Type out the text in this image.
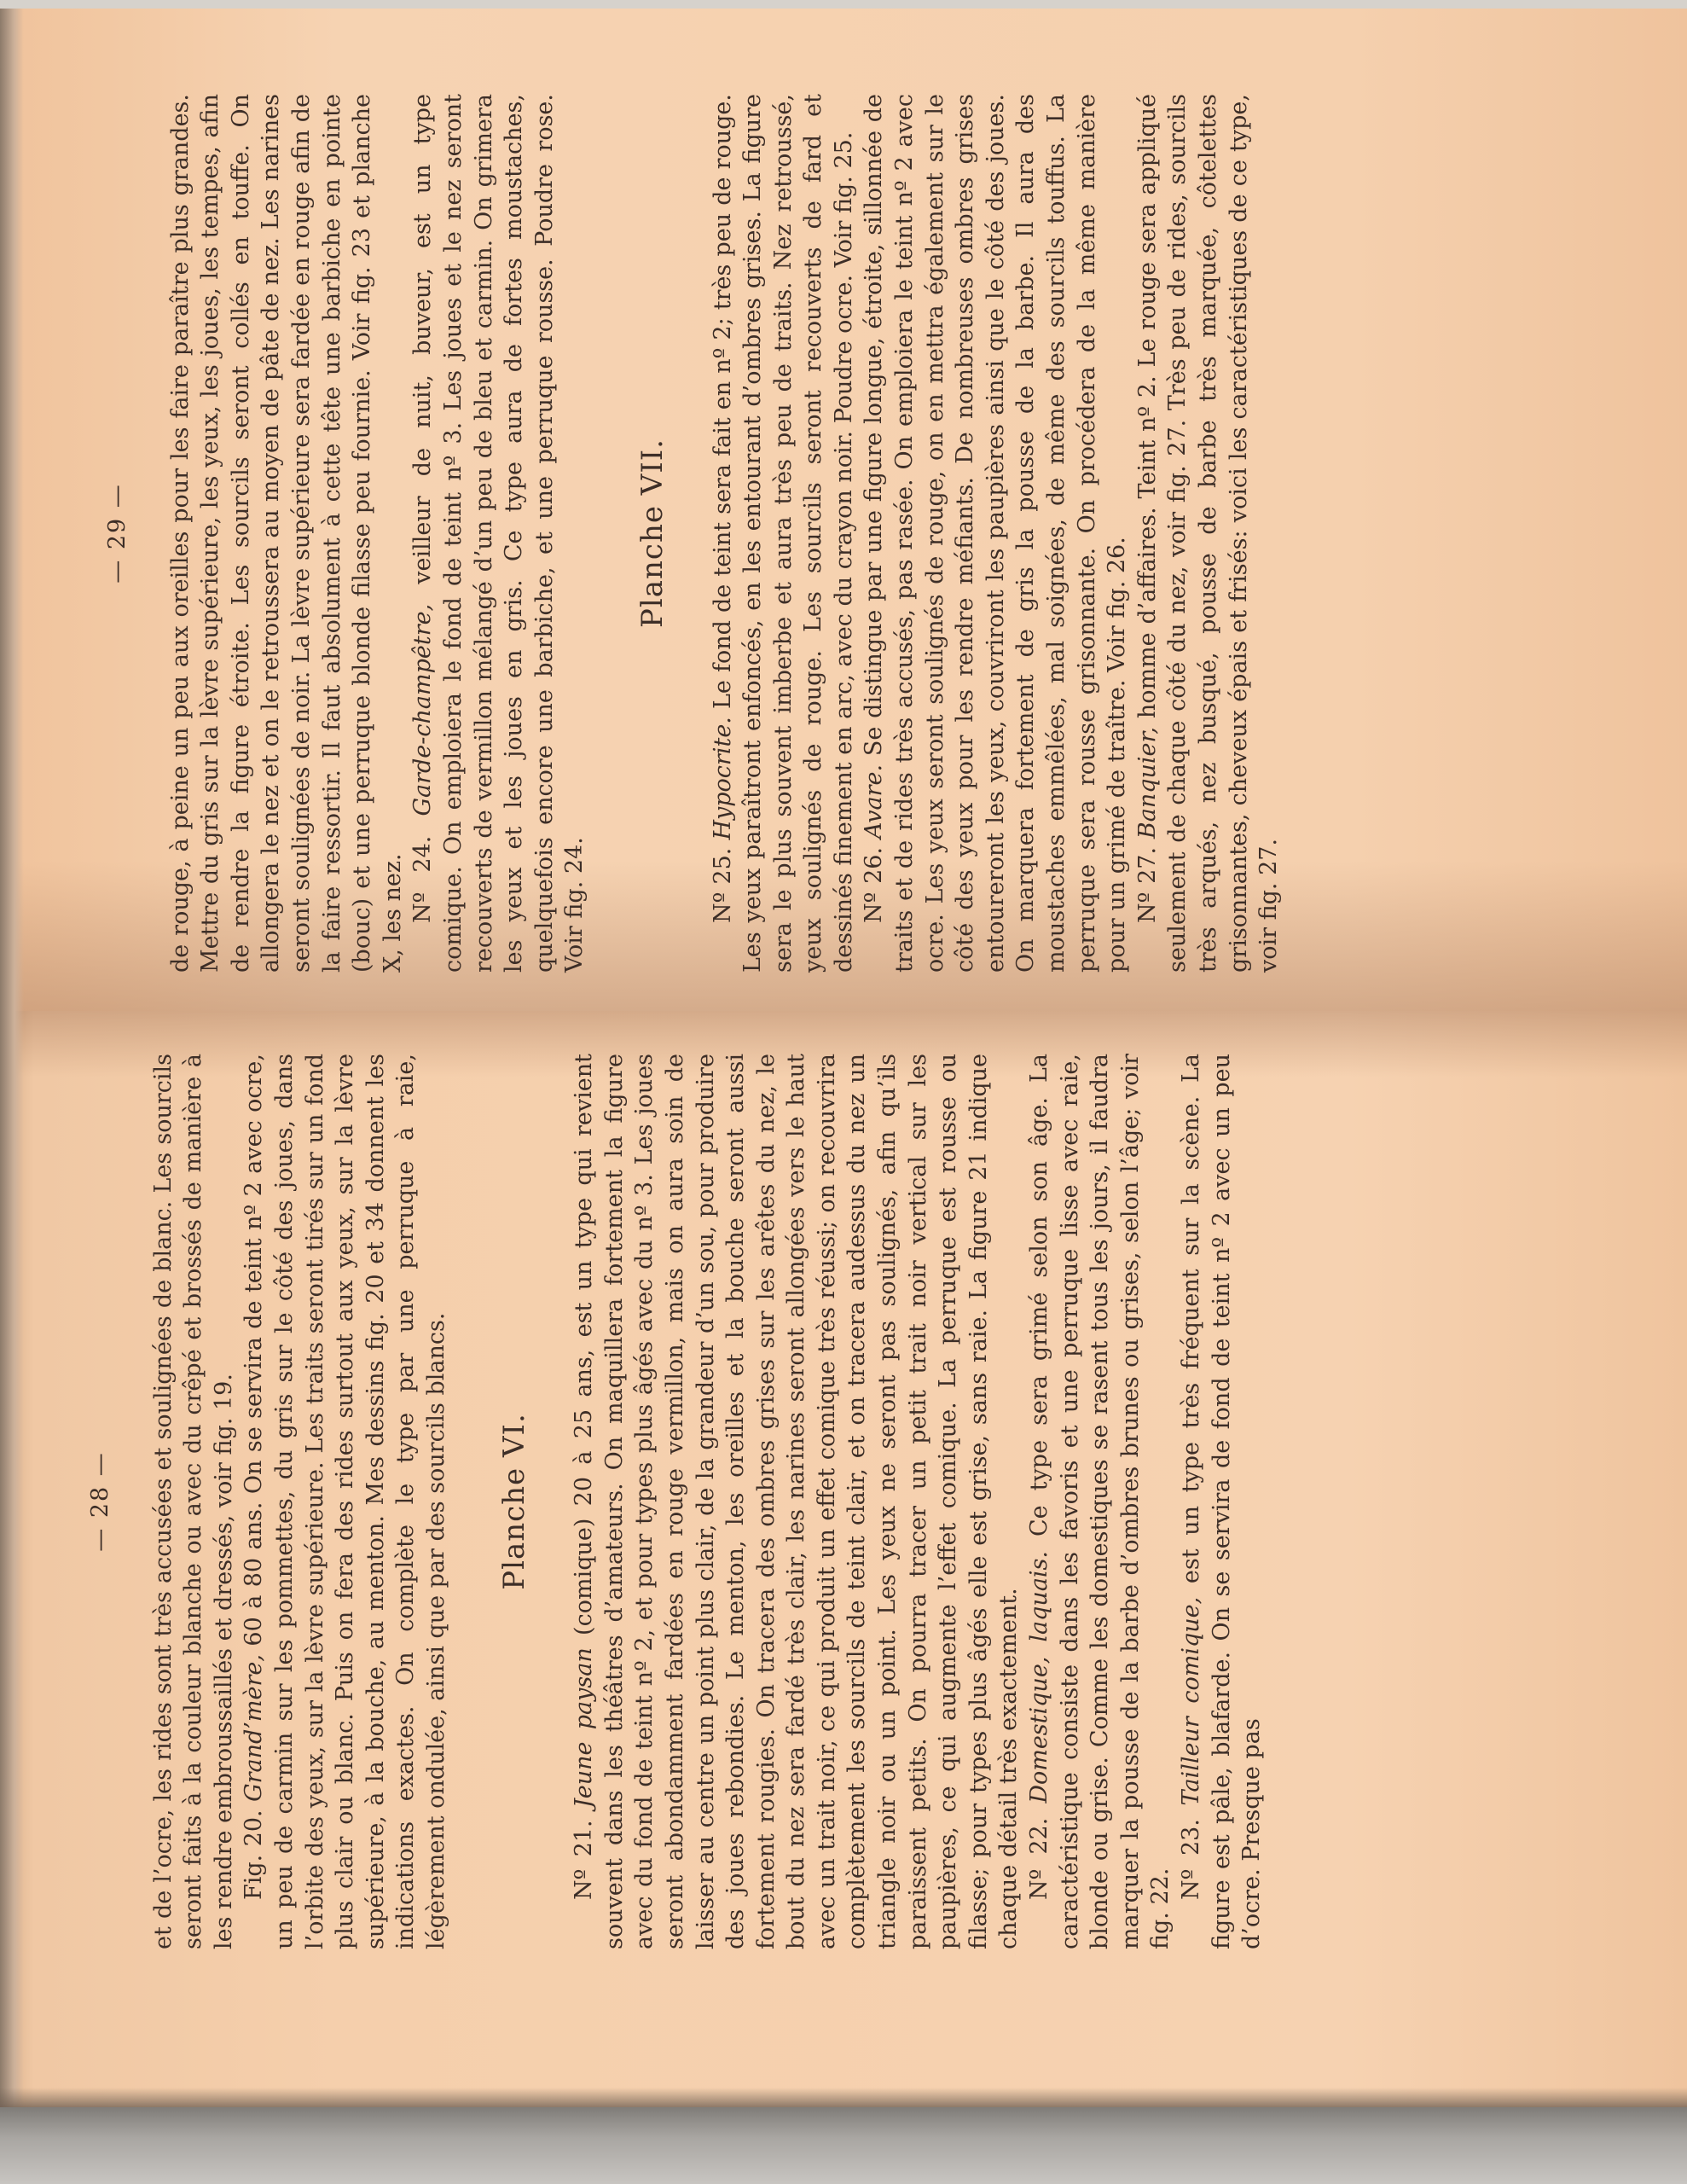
— 29 — de rouge, à peine un peu aux oreilles pour les faire paraître plus grandes. Mettre du gris sur la lèvre supérieure, les yeux, les joues, les tempes, afin de rendre la figure étroite. Les sourcils seront collés en touffe. On allongera le nez et on le retroussera au moyen de pâte de nez. Les narines seront soulignées de noir. La lèvre supérieure sera fardée en rouge afin de la faire ressortir. Il faut absolument à cette tête une barbiche en pointe (bouc) et une perruque blonde filasse peu fournie. Voir fig. 23 et planche X, les nez. Nº 24. Garde-champêtre, veilleur de nuit, buveur, est un type comique. On emploiera le fond de teint nº 3. Les joues et le nez seront recouverts de vermillon mélangé d’un peu de bleu et carmin. On grimera les yeux et les joues en gris. Ce type aura de fortes moustaches, quelquefois encore une barbiche, et une perruque rousse. Poudre rose. Voir fig. 24.

Planche VII.

Nº 25. Hypocrite. Le fond de teint sera fait en nº 2; très peu de rouge. Les yeux paraîtront enfoncés, en les entourant d’ombres grises. La figure sera le plus souvent imberbe et aura très peu de traits. Nez retroussé, yeux soulignés de rouge. Les sourcils seront recouverts de fard et dessinés finement en arc, avec du crayon noir. Poudre ocre. Voir fig. 25. Nº 26. Avare. Se distingue par une figure longue, étroite, sillonnée de traits et de rides très accusés, pas rasée. On emploiera le teint nº 2 avec ocre. Les yeux seront soulignés de rouge, on en mettra également sur le côté des yeux pour les rendre méfiants. De nombreuses ombres grises entoureront les yeux, couvriront les paupières ainsi que le côté des joues. On marquera fortement de gris la pousse de la barbe. Il aura des moustaches emmêlées, mal soignées, de même des sourcils touffus. La perruque sera rousse grisonnante. On procédera de la même manière pour un grimé de traître. Voir fig. 26. Nº 27. Banquier, homme d’affaires. Teint nº 2. Le rouge sera appliqué seulement de chaque côté du nez, voir fig. 27. Très peu de rides, sourcils très arqués, nez busqué, pousse de barbe très marquée, côtelettes grisonnantes, cheveux épais et frisés: voici les caractéristiques de ce type, voir fig. 27.

— 28 — et de l’ocre, les rides sont très accusées et soulignées de blanc. Les sourcils seront faits à la couleur blanche ou avec du crêpé et brossés de manière à les rendre embroussaillés et dressés, voir fig. 19. Fig. 20. Grand’mère, 60 à 80 ans. On se servira de teint nº 2 avec ocre, un peu de carmin sur les pommettes, du gris sur le côté des joues, dans l’orbite des yeux, sur la lèvre supérieure. Les traits seront tirés sur un fond plus clair ou blanc. Puis on fera des rides surtout aux yeux, sur la lèvre supérieure, à la bouche, au menton. Mes dessins fig. 20 et 34 donnent les indications exactes. On complète le type par une perruque à raie, légèrement ondulée, ainsi que par des sourcils blancs. Planche VI.

Nº 21. Jeune paysan (comique) 20 à 25 ans, est un type qui revient souvent dans les théâtres d’amateurs. On maquillera fortement la figure avec du fond de teint nº 2, et pour types plus âgés avec du nº 3. Les joues seront abondamment fardées en rouge vermillon, mais on aura soin de laisser au centre un point plus clair, de la grandeur d’un sou, pour produire des joues rebondies. Le menton, les oreilles et la bouche seront aussi fortement rougies. On tracera des ombres grises sur les arêtes du nez, le bout du nez sera fardé très clair, les narines seront allongées vers le haut avec un trait noir, ce qui produit un effet comique très réussi; on recouvrira complètement les sourcils de teint clair, et on tracera audessus du nez un triangle noir ou un point. Les yeux ne seront pas soulignés, afin qu’ils paraissent petits. On pourra tracer un petit trait noir vertical sur les paupières, ce qui augmente l’effet comique. La perruque est rousse ou filasse; pour types plus âgés elle est grise, sans raie. La figure 21 indique chaque détail très exactement. Nº 22. Domestique, laquais. Ce type sera grimé selon son âge. La caractéristique consiste dans les favoris et une perruque lisse avec raie, blonde ou grise. Comme les domestiques se rasent tous les jours, il faudra marquer la pousse de la barbe d’ombres brunes ou grises, selon l’âge; voir fig. 22.

Nº 23. Tailleur comique, est un type très fréquent sur la scène. La figure est pâle, blafarde. On se servira de fond de teint nº 2 avec un peu d’ocre. Presque pas
